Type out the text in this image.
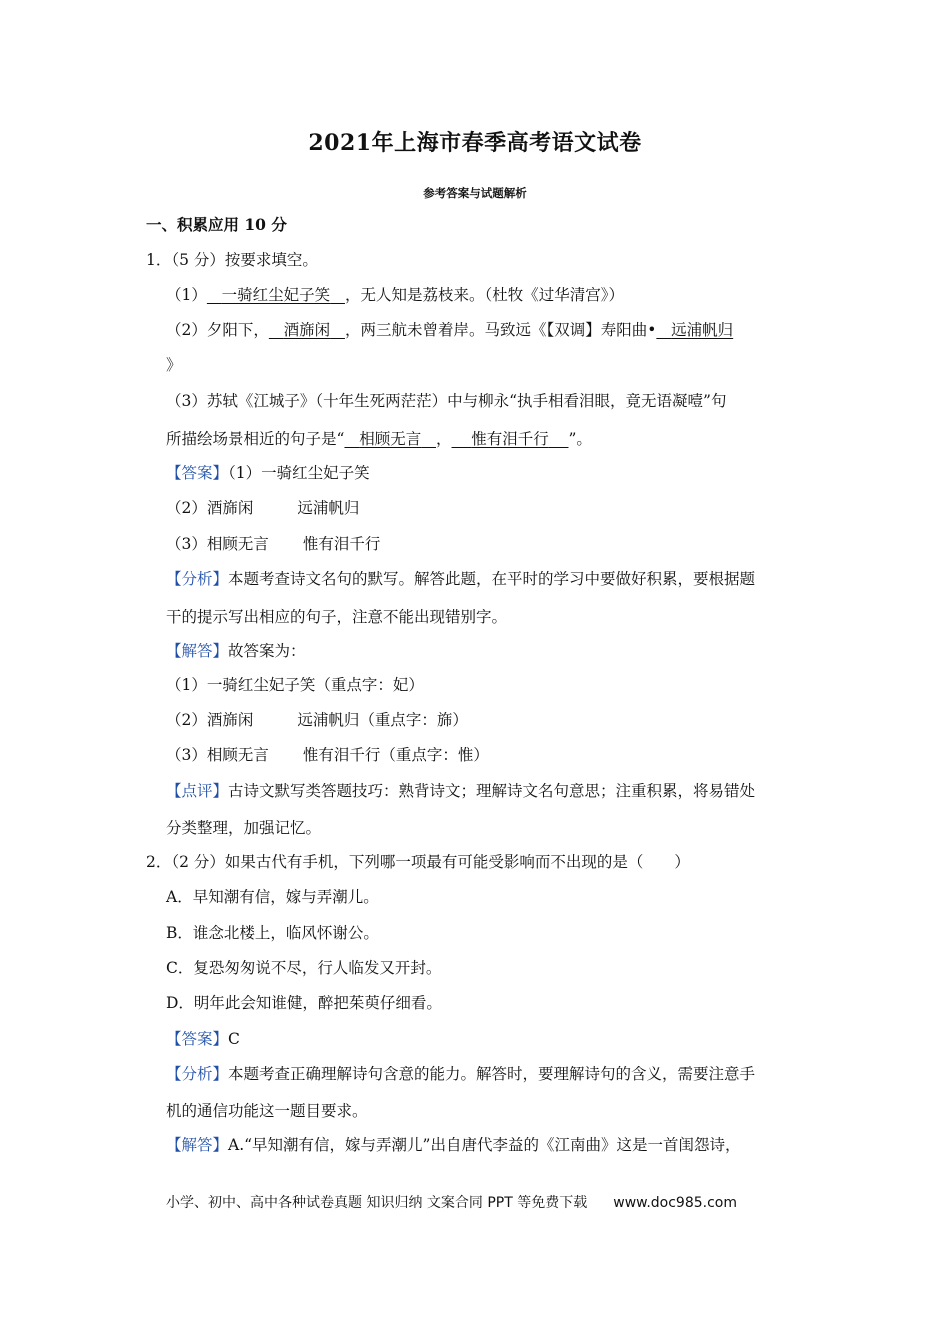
2021年上海市春季高考语文试卷
参考答案与试题解析
一、积累应用 10 分
1．（5 分）按要求填空。
（1） 一骑红尘妃子笑 ，无人知是荔枝来。（杜牧《过华清宫》）
（2）夕阳下， 酒旆闲 ，两三航未曾着岸。马致远《【双调】寿阳曲• 远浦帆归
》
（3）苏轼《江城子》（十年生死两茫茫）中与柳永“执手相看泪眼，竟无语凝噎”句
所描绘场景相近的句子是“ 相顾无言 ， 惟有泪千行 ”。
【答案】（1）一骑红尘妃子笑
（2）酒旆闲	远浦帆归
（3）相顾无言 惟有泪千行
【分析】本题考查诗文名句的默写。解答此题，在平时的学习中要做好积累，要根据题
干的提示写出相应的句子，注意不能出现错别字。
【解答】故答案为：
（1）一骑红尘妃子笑（重点字：妃）
（2）酒旆闲	远浦帆归（重点字：旆）
（3）相顾无言 惟有泪千行（重点字：惟）
【点评】古诗文默写类答题技巧：熟背诗文；理解诗文名句意思；注重积累，将易错处
分类整理，加强记忆。
2．（2 分）如果古代有手机，下列哪一项最有可能受影响而不出现的是（　　）
A．早知潮有信，嫁与弄潮儿。
B．谁念北楼上，临风怀谢公。
C．复恐匆匆说不尽，行人临发又开封。
D．明年此会知谁健，醉把茱萸仔细看。
【答案】C
【分析】本题考查正确理解诗句含意的能力。解答时，要理解诗句的含义，需要注意手
机的通信功能这一题目要求。
【解答】A.“早知潮有信，嫁与弄潮儿”出自唐代李益的《江南曲》这是一首闺怨诗，
小学、初中、高中各种试卷真题 知识归纳 文案合同 PPT 等免费下载 www.doc985.com
